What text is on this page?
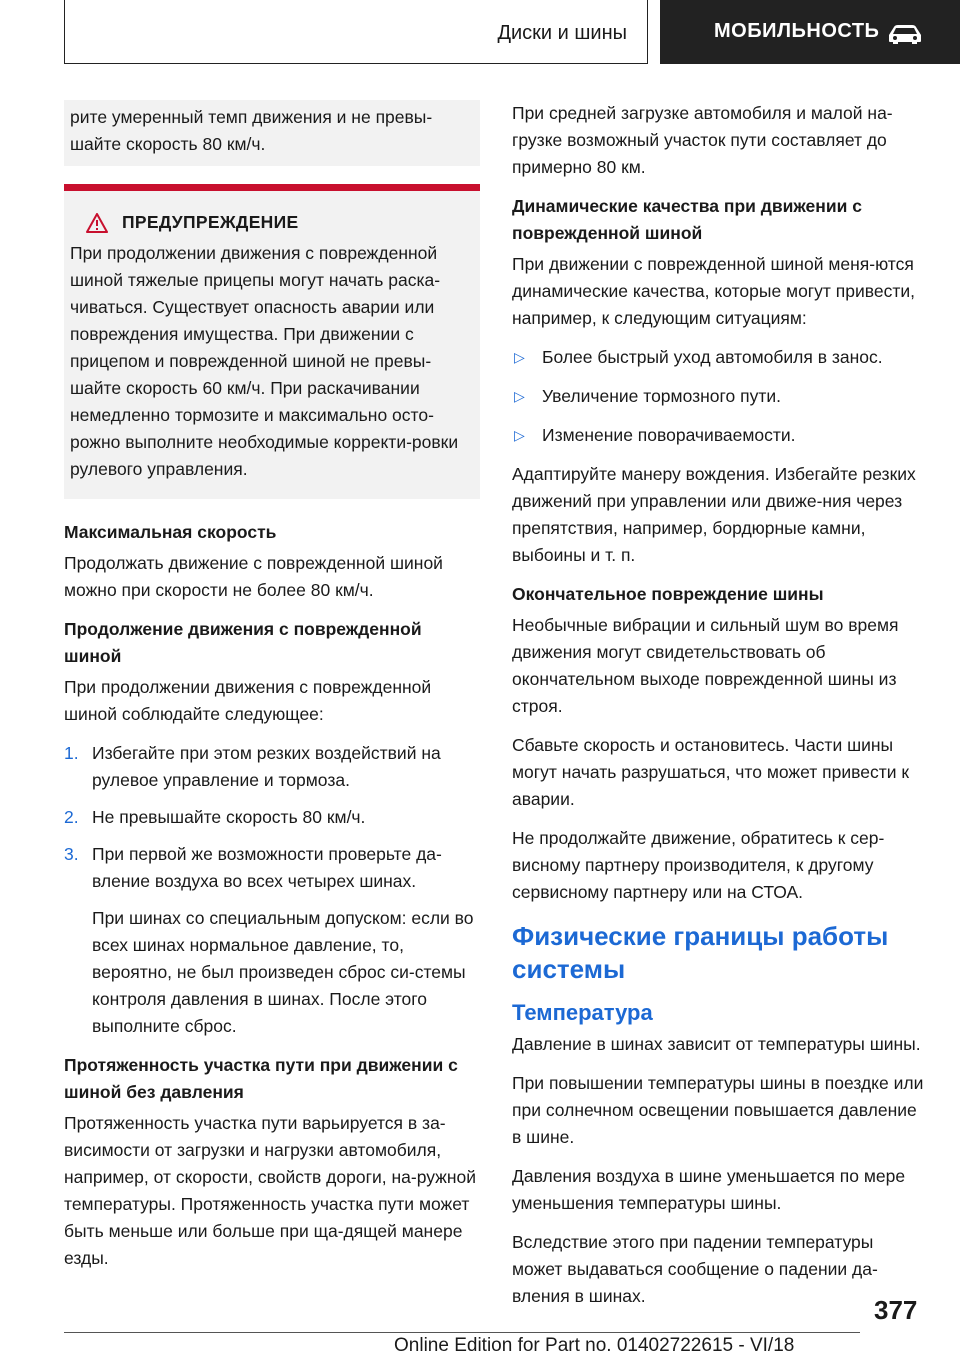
Диски и шины	МОБИЛЬНОСТЬ

рите умеренный темп движения и не превы-шайте скорость 80 км/ч.

ПРЕДУПРЕЖДЕНИЕ

При продолжении движения с поврежденной шиной тяжелые прицепы могут начать раска-чиваться. Существует опасность аварии или повреждения имущества. При движении с прицепом и поврежденной шиной не превы-шайте скорость 60 км/ч. При раскачивании немедленно тормозите и максимально осто-рожно выполните необходимые корректи-ровки рулевого управления.

Максимальная скорость

Продолжать движение с поврежденной шиной можно при скорости не более 80 км/ч.

Продолжение движения с поврежденной шиной

При продолжении движения с поврежденной шиной соблюдайте следующее:

1. Избегайте при этом резких воздействий на рулевое управление и тормоза.
2. Не превышайте скорость 80 км/ч.
3. При первой же возможности проверьте да-вление воздуха во всех четырех шинах.
При шинах со специальным допуском: если во всех шинах нормальное давление, то, вероятно, не был произведен сброс си-стемы контроля давления в шинах. После этого выполните сброс.
Протяженность участка пути при движении с шиной без давления

Протяженность участка пути варьируется в за-висимости от загрузки и нагрузки автомобиля, например, от скорости, свойств дороги, на-ружной температуры. Протяженность участка пути может быть меньше или больше при ща-дящей манере езды.

При средней загрузке автомобиля и малой на-грузке возможный участок пути составляет до примерно 80 км.

Динамические качества при движении с поврежденной шиной

При движении с поврежденной шиной меня-ются динамические качества, которые могут привести, например, к следующим ситуациям:

▷ Более быстрый уход автомобиля в занос.
▷ Увеличение тормозного пути.
▷ Изменение поворачиваемости.

Адаптируйте манеру вождения. Избегайте резких движений при управлении или движе-ния через препятствия, например, бордюрные камни, выбоины и т. п.

Окончательное повреждение шины

Необычные вибрации и сильный шум во время движения могут свидетельствовать об окончательном выходе поврежденной шины из строя.

Сбавьте скорость и остановитесь. Части шины могут начать разрушаться, что может привести к аварии.

Не продолжайте движение, обратитесь к сер-висному партнеру производителя, к другому сервисному партнеру или на СТОА.

Физические границы работы системы
Температура

Давление в шинах зависит от температуры шины.

При повышении температуры шины в поездке или при солнечном освещении повышается давление в шине.

Давления воздуха в шине уменьшается по мере уменьшения температуры шины.

Вследствие этого при падении температуры может выдаваться сообщение о падении да-вления в шинах.	377
Online Edition for Part no. 01402722615 - VI/18
